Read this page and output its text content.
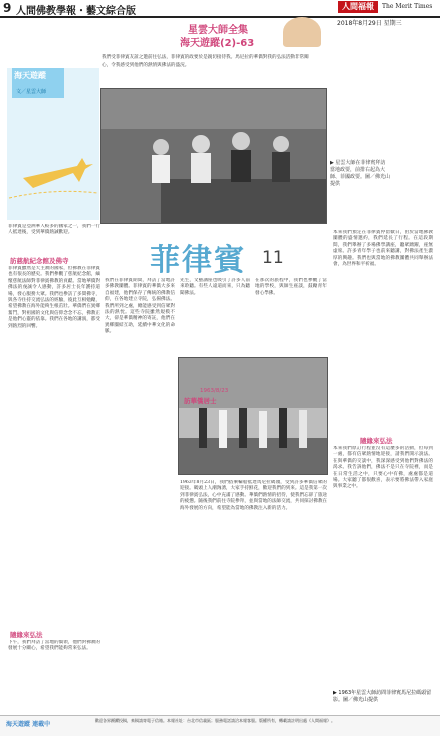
9 人間佛教學報・藝文綜合版	人間福報	The Merit Times
2018年8月29日 星期三
星雲大師全集
海天遊蹤(2)-63
我們受菲律賓友誼之邀前往弘法，菲律賓的政要於是親切接待我。馬尼拉的華僑對我的弘法活動非常關心，令我感受到他們的熱情與佛法的盛況。
海天遊蹤
文／星雲大師
菲律賓是亞洲華人較多的國家之一，我們一行人抵達後，受到華僑熱誠歡迎。
訪慈航紀念館及佛寺
菲律賓雖然是天主教的國家，但佛教在菲律賓也有很長的歷史。我們參觀了慈航紀念館，緬懷慈航法師對菲律賓佛教的貢獻。當地華僑對佛法的虔誠令人感動，許多居士長年護持道場，發心服務大眾。我們也參訪了多間佛寺，與各寺住持交流弘法的經驗，彼此互相勉勵，希望佛教在海外能夠生根茁壯。華僑們在異鄉奮鬥，對祖國的文化與信仰念念不忘，佛教正是他們心靈的依靠。我們在各地的講演，都受到熱烈的回響。
隨緣來弘法
下午，我們拜訪了當地的僑領，他們對佛教的發展十分關心，希望我們能夠常來弘法。
▶ 星雲大師在菲律賓拜訪當地政要，前排右起為大師、菲國政要。圖／佛光山提供
本來我們預定在菲律賓停留數日，由於當地佛教團體的盛情邀約，我們延長了行程。在這段期間，我們舉辦了多場佛學講座，聽眾踴躍，座無虛席。許多青年學子也前來聽講，對佛法產生濃厚的興趣。我們也與當地的佛教團體共同舉辦法會，為世界和平祈福。
隨緣來弘法
本來我們原訂行程並沒有這麼多的活動，但每到一處，都有信眾熱情地迎接，請我們開示說法。在與華僑的交談中，我深深感受到他們對佛法的渴求。我告訴他們，佛法不是只在寺院裡，而是在日常生活之中，只要心中有佛，處處都是道場。大家聽了都很歡喜，表示要將佛法帶入家庭與事業之中。
▶ 1963年星雲大師訪問菲律賓馬尼拉碼頭留影。圖／佛光山提供
菲律賓 11
我們在菲律賓期間，拜訪了當地許多佛教團體。菲律賓的華僑大多來自福建，他們保存了傳統的佛教信仰，在各地建立寺院，弘揚佛法。我們所到之處，總能感受到信眾對法的熱忱。這些寺院雖然規模不大，卻是華僑精神的寄託，他們在異鄉團結互助，延續中華文化的命脈。
先生，文藝講座也吸引了許多人前來聆聽。有些人遠道而來，只為聽聞佛法。
在那次的旅程中，我們也參觀了當地的學校，與師生座談，鼓勵青年發心學佛。
1963/8/23
訪華僑居士
1963年8月23日，我們搭乘輪船抵達馬尼拉碼頭，受到許多華僑信眾的迎接。碼頭上人潮洶湧，大家手持鮮花，歡迎我們的到來。這是我第一次到菲律賓弘法，心中充滿了感動。華僑們熱情的招待，使我們忘卻了旅途的疲憊。隨後我們前往寺院參拜，並與當地的法師交流，共同探討佛教在海外發展的方向，希望能為當地的佛教注入新的活力。
海天遊蹤 連載中
歡迎各界踴躍投稿，來稿請寄電子信箱。本報社址：台北市信義區；服務電話請洽本報客服。版權所有，轉載請註明出處《人間福報》。
